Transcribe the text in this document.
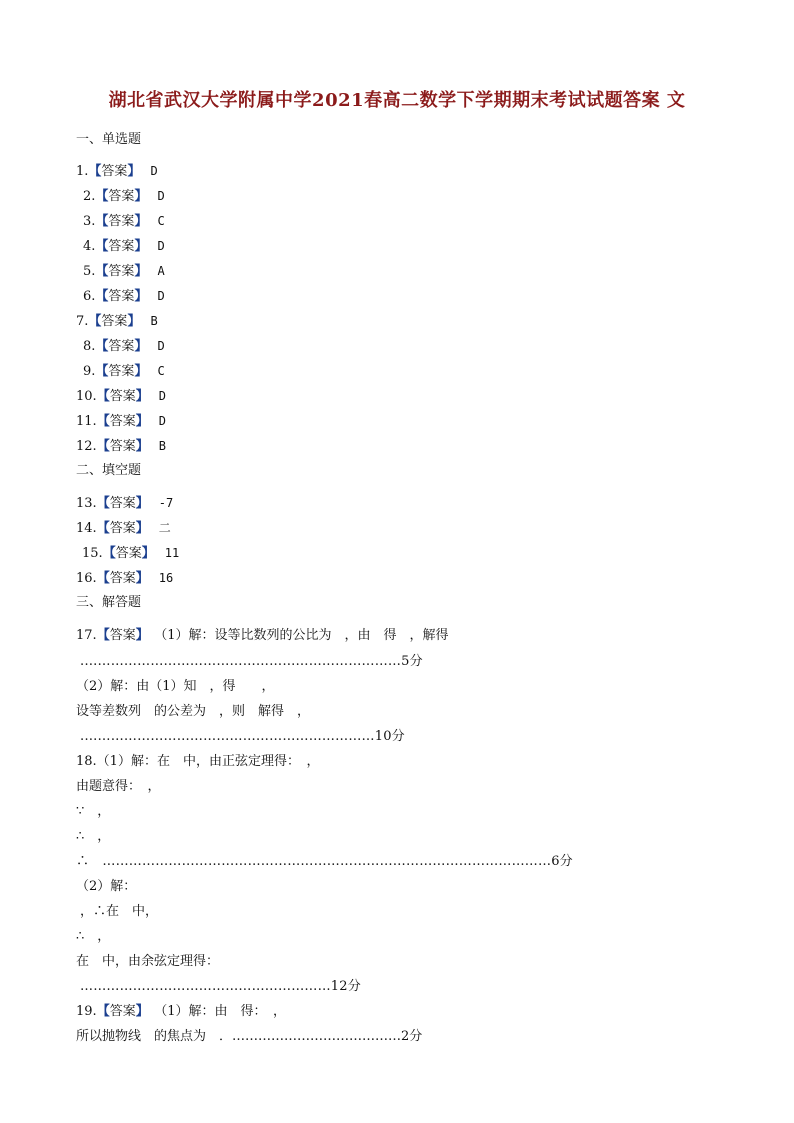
湖北省武汉大学附属中学2021春高二数学下学期期末考试试题答案 文
一、单选题
1.【答案】 D
2.【答案】 D
3.【答案】 C
4.【答案】 D
5.【答案】 A
6.【答案】 D
7.【答案】 B
8.【答案】 D
9.【答案】 C
10.【答案】 D
11.【答案】 D
12.【答案】 B
二、填空题
13.【答案】 -7
14.【答案】 二
15.【答案】 11
16.【答案】 16
三、解答题
17.【答案】 （1）解：设等比数列的公比为　，由　得　，解得
.………………………………………………………………5分
（2）解：由（1）知　，得　　，
设等差数列　的公差为　，则　解得　，
.…………………………………………………………10分
18.（1）解：在　中，由正弦定理得：　，
由题意得：　，
∵　，
∴　，
∴　…………………………………………………………………………………………6分
（2）解：
，∴在　中，
∴　，
在　中，由余弦定理得：
…………………………………………………12分
19.【答案】 （1）解：由　得：　，
所以抛物线　的焦点为　．…………………………………2分
